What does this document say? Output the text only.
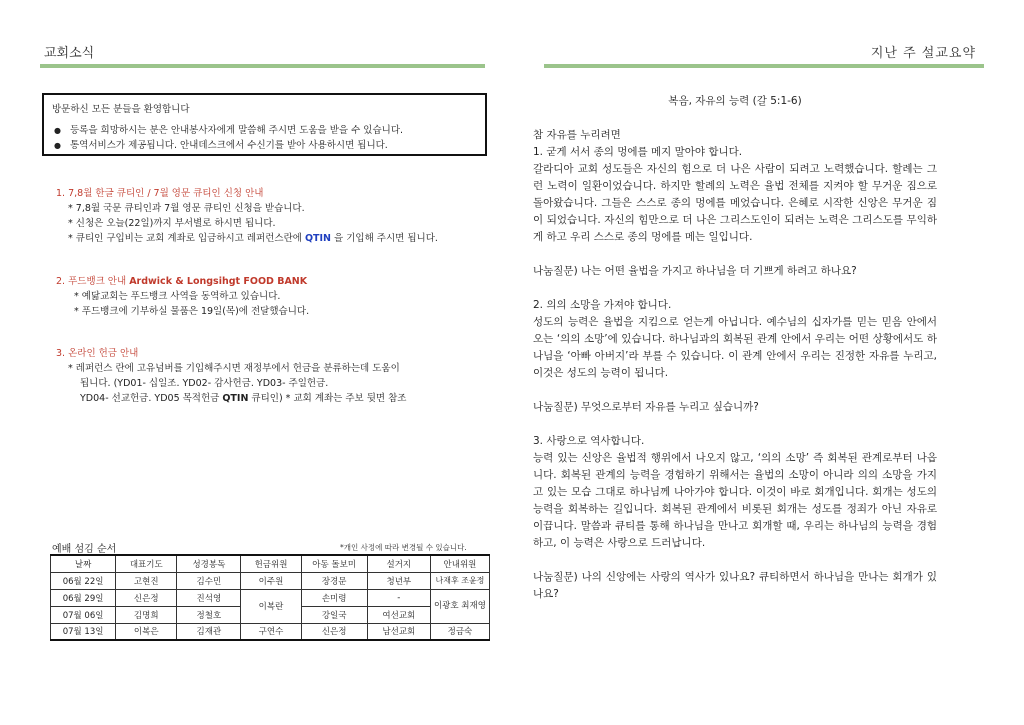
교회소식	지난 주 설교요약
방문하신 모든 분들을 환영합니다
● 등록을 희망하시는 분은 안내봉사자에게 말씀해 주시면 도움을 받을 수 있습니다.
● 통역서비스가 제공됩니다. 안내데스크에서 수신기를 받아 사용하시면 됩니다.
1. 7,8월 한글 큐티인 / 7월 영문 큐티인 신청 안내
* 7,8월 국문 큐티인과 7월 영문 큐티인 신청을 받습니다.
* 신청은 오늘(22일)까지 부서별로 하시면 됩니다.
* 큐티인 구입비는 교회 계좌로 입금하시고 레퍼런스란에 QTIN 을 기입해 주시면 됩니다.
2. 푸드뱅크 안내 Ardwick & Longsihgt FOOD BANK
* 예닮교회는 푸드뱅크 사역을 동역하고 있습니다.
* 푸드뱅크에 기부하실 물품은 19일(목)에 전달했습니다.
3. 온라인 헌금 안내
* 레퍼런스 란에 고유넘버를 기입해주시면 재정부에서 헌금을 분류하는데 도움이
됩니다. (YD01- 십일조. YD02- 감사헌금. YD03- 주일헌금.
YD04- 선교헌금. YD05 목적헌금 QTIN 큐티인) * 교회 계좌는 주보 뒷면 참조
예배 섬김 순서	*개인 사정에 따라 변경될 수 있습니다.
날짜	대표기도	성경봉독	헌금위원	아동 돌보미	설거지	안내위원
06월 22일	고현진	김수민	이주원	장경문	청년부	나재후 조윤정
06월 29일	신은정	진석영	이복란	손미령	-	이광호 최재영
07월 06일	김명희	정철호		강일국	여선교회	
07월 13일	이복은	김재관	구연수	신은정	남선교회	정금숙
복음, 자유의 능력 (갈 5:1-6)

참 자유를 누리려면

1. 굳게 서서 종의 멍에를 메지 말아야 합니다.

갈라디아 교회 성도들은 자신의 힘으로 더 나은 사람이 되려고 노력했습니다. 할례는 그런 노력이 일환이었습니다. 하지만 할례의 노력은 율법 전체를 지켜야 할 무거운 짐으로 돌아왔습니다. 그들은 스스로 종의 멍에를 메었습니다. 은혜로 시작한 신앙은 무거운 짐이 되었습니다. 자신의 힘만으로 더 나은 그리스도인이 되려는 노력은 그리스도를 무익하게 하고 우리 스스로 종의 멍에를 메는 일입니다.

나눔질문) 나는 어떤 율법을 가지고 하나님을 더 기쁘게 하려고 하나요?

2. 의의 소망을 가져야 합니다.

성도의 능력은 율법을 지킴으로 얻는게 아닙니다. 예수님의 십자가를 믿는 믿음 안에서 오는 ‘의의 소망’에 있습니다. 하나님과의 회복된 관계 안에서 우리는 어떤 상황에서도 하나님을 ‘아빠 아버지’라 부를 수 있습니다. 이 관계 안에서 우리는 진정한 자유를 누리고, 이것은 성도의 능력이 됩니다.

나눔질문) 무엇으로부터 자유를 누리고 싶습니까?

3. 사랑으로 역사합니다.

능력 있는 신앙은 율법적 행위에서 나오지 않고, ‘의의 소망’ 즉 회복된 관계로부터 나옵니다. 회복된 관계의 능력을 경험하기 위해서는 율법의 소망이 아니라 의의 소망을 가지고 있는 모습 그대로 하나님께 나아가야 합니다. 이것이 바로 회개입니다. 회개는 성도의 능력을 회복하는 길입니다. 회복된 관계에서 비롯된 회개는 성도를 정죄가 아닌 자유로 이끕니다. 말씀과 큐티를 통해 하나님을 만나고 회개할 때, 우리는 하나님의 능력을 경험하고, 이 능력은 사랑으로 드러납니다.

나눔질문) 나의 신앙에는 사랑의 역사가 있나요? 큐티하면서 하나님을 만나는 회개가 있나요?
